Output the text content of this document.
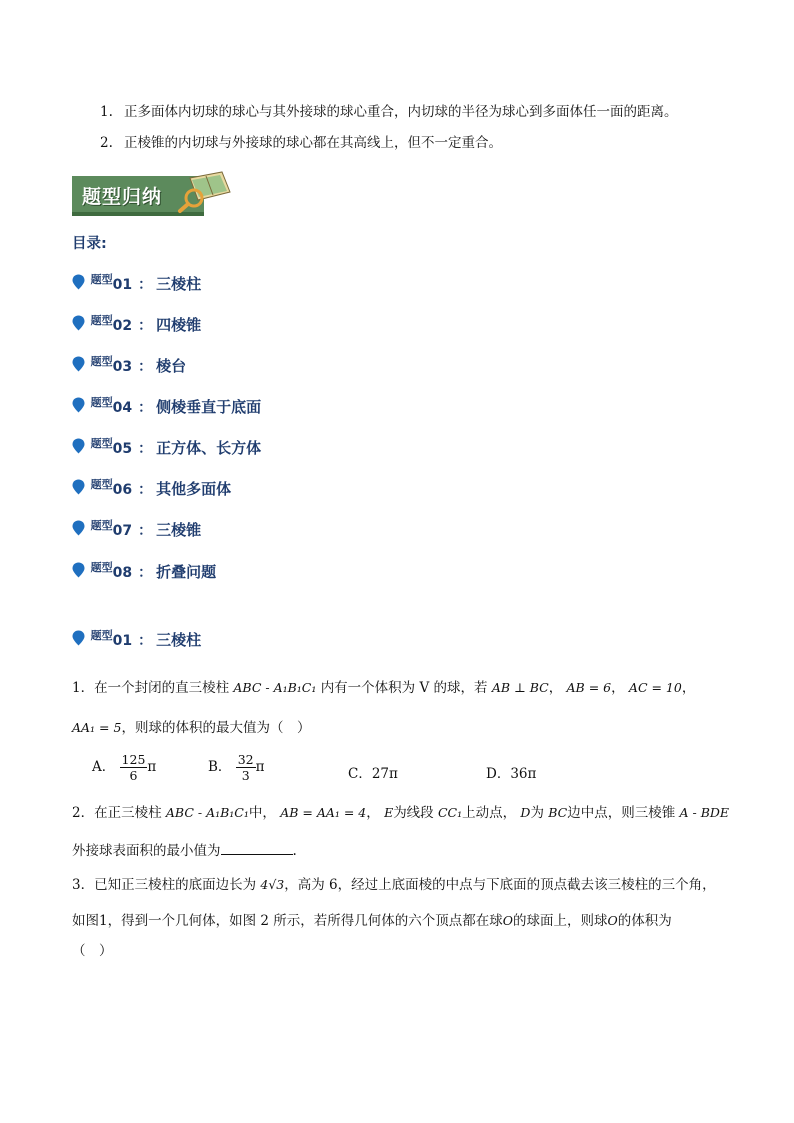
1. 正多面体内切球的球心与其外接球的球心重合，内切球的半径为球心到多面体任一面的距离。
2. 正棱锥的内切球与外接球的球心都在其高线上，但不一定重合。
题型归纳
目录:
$^{题型}$01 ： 三棱柱
$^{题型}$02 ： 四棱锥
$^{题型}$03 ： 棱台
$^{题型}$04 ： 侧棱垂直于底面
$^{题型}$05 ： 正方体、长方体
$^{题型}$06 ： 其他多面体
$^{题型}$07 ： 三棱锥
$^{题型}$08 ： 折叠问题
$^{题型}$01 ： 三棱柱
1．在一个封闭的直三棱柱 ABC - A₁B₁C₁ 内有一个体积为 V 的球，若 AB ⊥ BC， AB = 6， AC = 10，
AA₁ = 5，则球的体积的最大值为（　）
A． $\frac{125}{6}$ π	B． $\frac{32}{3}$ π	C．27π	D．36π
2．在正三棱柱 ABC - A₁B₁C₁中， AB = AA₁ = 4， E为线段 CC₁上动点， D为 BC边中点，则三棱锥 A - BDE
外接球表面积的最小值为	.
3．已知正三棱柱的底面边长为 4√3，高为 6，经过上底面棱的中点与下底面的顶点截去该三棱柱的三个角，
如图1，得到一个几何体，如图 2 所示，若所得几何体的六个顶点都在球O的球面上，则球O的体积为
（　）
